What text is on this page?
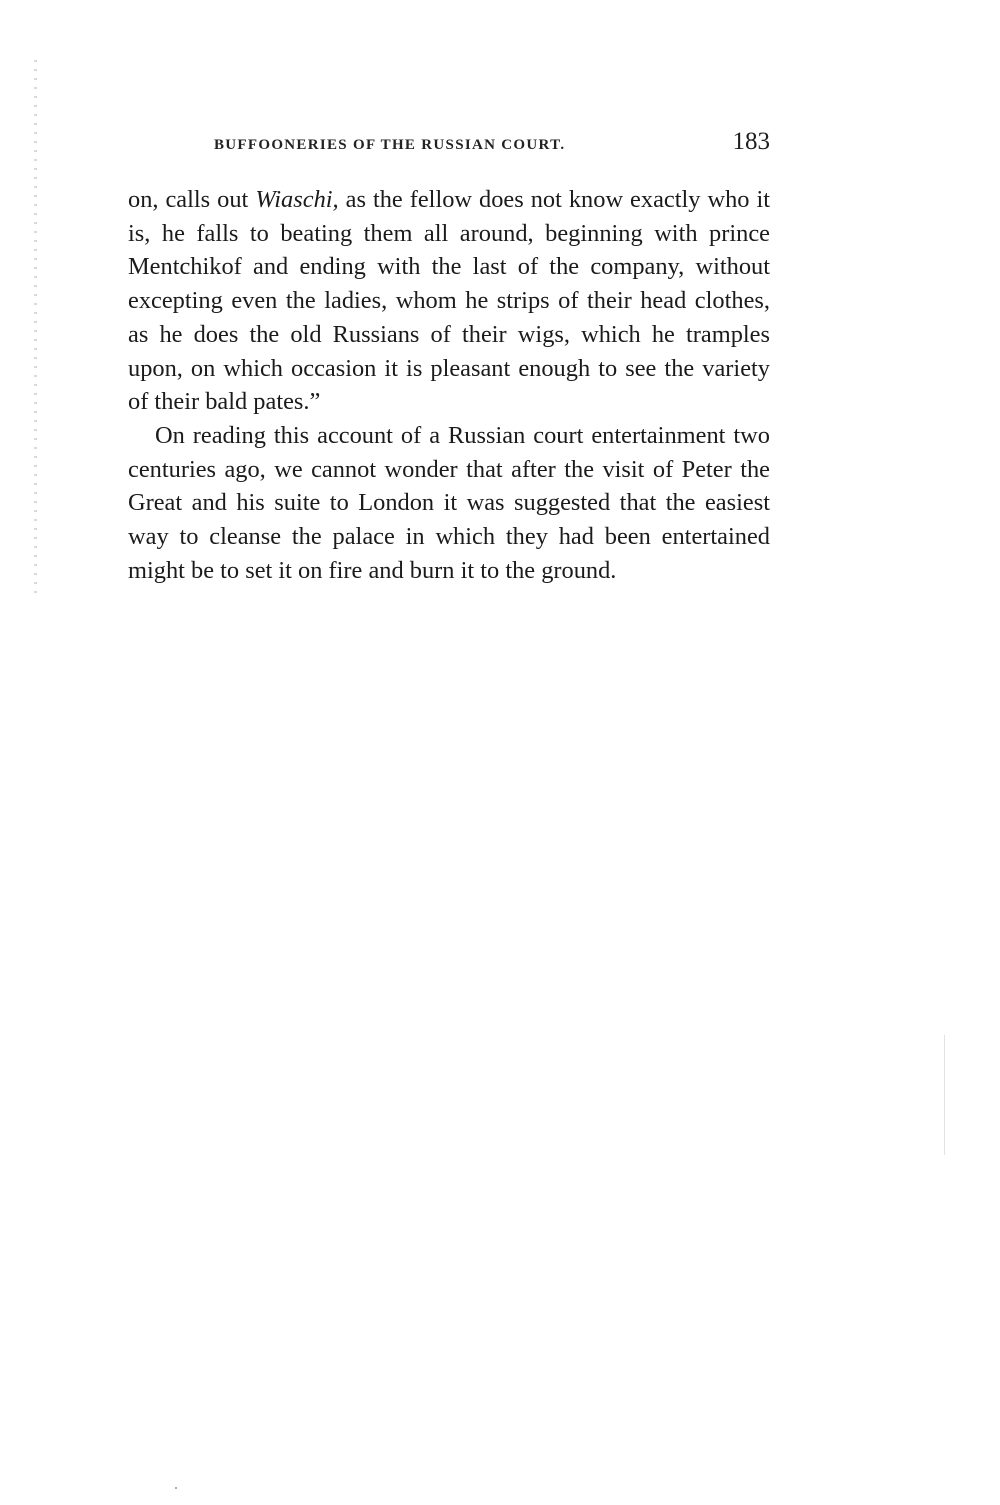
BUFFOONERIES OF THE RUSSIAN COURT.	183

on, calls out Wiaschi, as the fellow does not know exactly who it is, he falls to beating them all around, beginning with prince Mentchikof and ending with the last of the company, without excepting even the ladies, whom he strips of their head clothes, as he does the old Russians of their wigs, which he tramples upon, on which occasion it is pleasant enough to see the variety of their bald pates.”

On reading this account of a Russian court entertainment two centuries ago, we cannot wonder that after the visit of Peter the Great and his suite to London it was suggested that the easiest way to cleanse the palace in which they had been entertained might be to set it on fire and burn it to the ground.
